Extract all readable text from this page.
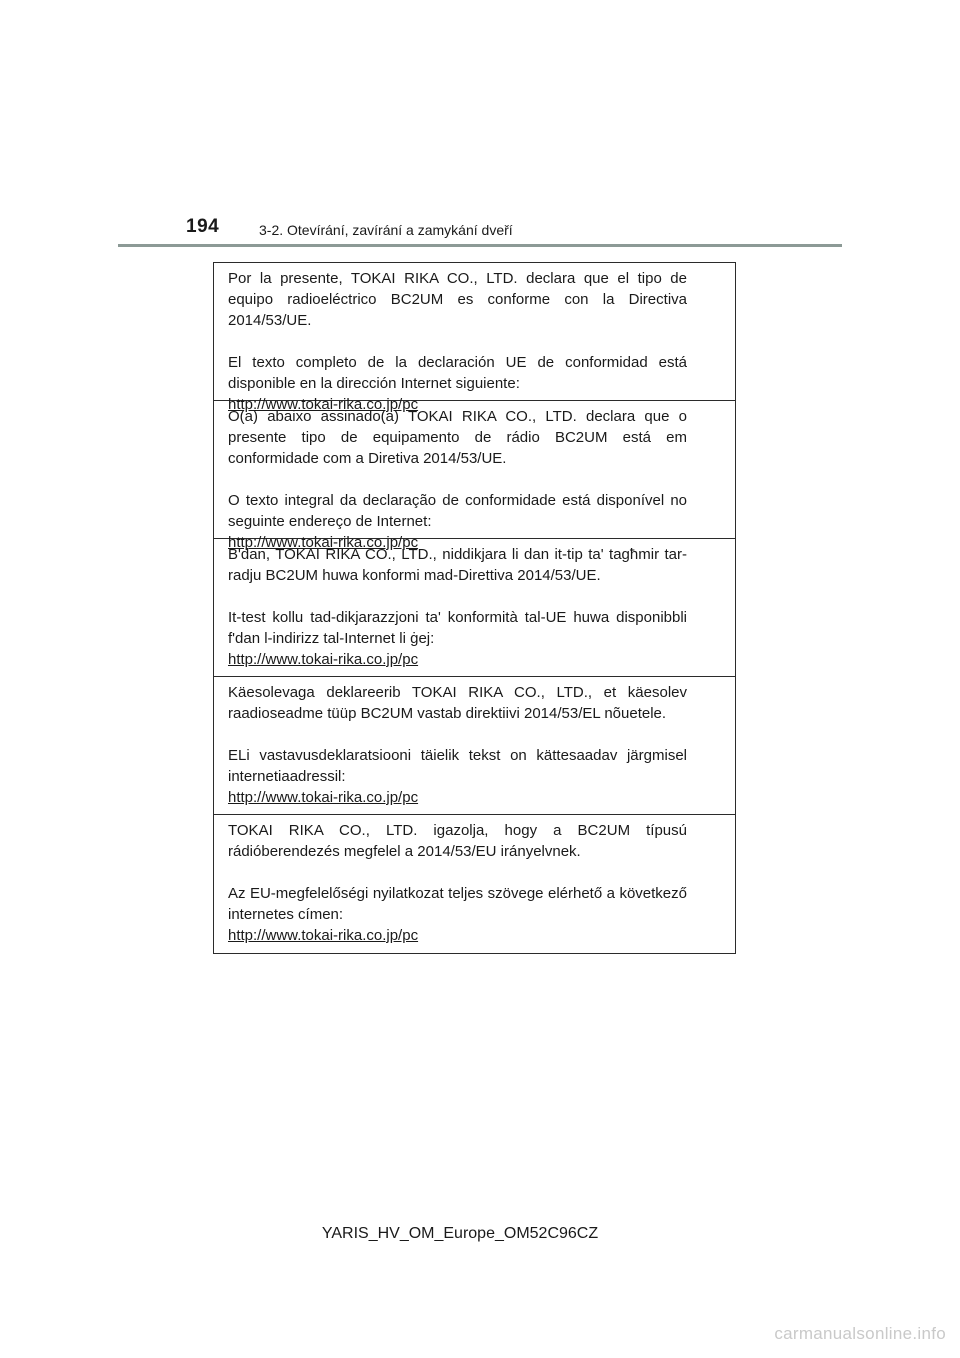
194	3-2. Otevírání, zavírání a zamykání dveří

Por la presente, TOKAI RIKA CO., LTD. declara que el tipo de equipo radioeléctrico BC2UM es conforme con la Directiva 2014/53/UE.

El texto completo de la declaración UE de conformidad está disponible en la dirección Internet siguiente:

http://www.tokai-rika.co.jp/pc

O(a) abaixo assinado(a) TOKAI RIKA CO., LTD. declara que o presente tipo de equipamento de rádio BC2UM está em conformidade com a Diretiva 2014/53/UE.

O texto integral da declaração de conformidade está disponível no seguinte endereço de Internet:

http://www.tokai-rika.co.jp/pc

B'dan, TOKAI RIKA CO., LTD., niddikjara li dan it-tip ta' tagħmir tar-radju BC2UM huwa konformi mad-Direttiva 2014/53/UE.

It-test kollu tad-dikjarazzjoni ta' konformità tal-UE huwa disponibbli f'dan l-indirizz tal-Internet li ġej:

http://www.tokai-rika.co.jp/pc

Käesolevaga deklareerib TOKAI RIKA CO., LTD., et käesolev raadioseadme tüüp BC2UM vastab direktiivi 2014/53/EL nõuetele.

ELi vastavusdeklaratsiooni täielik tekst on kättesaadav järgmisel internetiaadressil:

http://www.tokai-rika.co.jp/pc

TOKAI RIKA CO., LTD. igazolja, hogy a BC2UM típusú rádióberendezés megfelel a 2014/53/EU irányelvnek.

Az EU-megfelelőségi nyilatkozat teljes szövege elérhető a következő internetes címen:

http://www.tokai-rika.co.jp/pc
YARIS_HV_OM_Europe_OM52C96CZ
carmanualsonline.info
